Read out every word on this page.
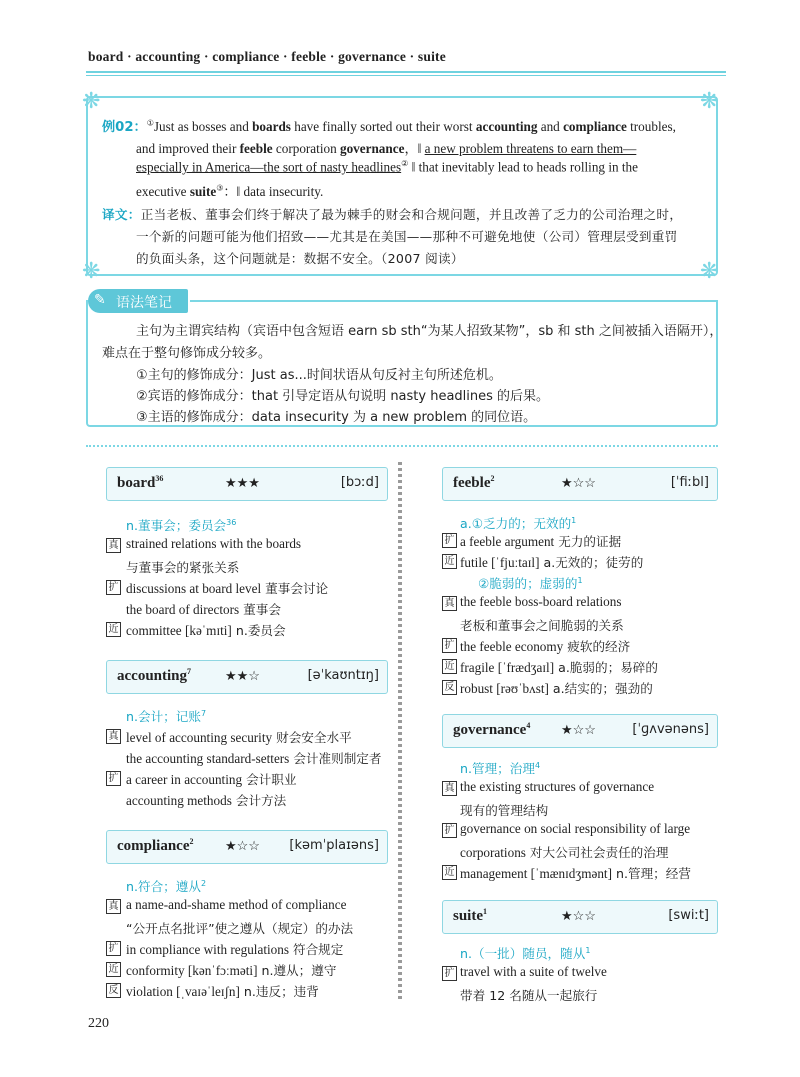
board · accounting · compliance · feeble · governance · suite
❋	❋
❋	❋
例02：①Just as bosses and boards have finally sorted out their worst accounting and compliance troubles,
and improved their feeble corporation governance，‖ a new problem threatens to earn them—
especially in America—the sort of nasty headlines② ‖ that inevitably lead to heads rolling in the
executive suite③：‖ data insecurity.
译文：正当老板、董事会们终于解决了最为棘手的财会和合规问题，并且改善了乏力的公司治理之时，
一个新的问题可能为他们招致——尤其是在美国——那种不可避免地使（公司）管理层受到重罚
的负面头条，这个问题就是：数据不安全。（2007 阅读）
✎ 语法笔记
主句为主谓宾结构（宾语中包含短语 earn sb sth“为某人招致某物”，sb 和 sth 之间被插入语隔开），
难点在于整句修饰成分较多。
①主句的修饰成分：Just as...时间状语从句反衬主句所述危机。
②宾语的修饰成分：that 引导定语从句说明 nasty headlines 的后果。
③主语的修饰成分：data insecurity 为 a new problem 的同位语。
board$^{36}$	★★★	[bɔːd]
n.董事会；委员会$^{36}$
真 strained relations with the boards
与董事会的紧张关系
扩 discussions at board level 董事会讨论
the board of directors 董事会
近 committee [kəˈmɪti] n.委员会
accounting$^7$	★★☆	[əˈkaʊntɪŋ]
n.会计；记账$^7$
真 level of accounting security 财会安全水平
the accounting standard-setters 会计准则制定者
扩 a career in accounting 会计职业
accounting methods 会计方法
compliance$^2$ ★☆☆ [kəmˈplaɪəns]
n.符合；遵从$^2$
真 a name-and-shame method of compliance
“公开点名批评”使之遵从（规定）的办法
扩 in compliance with regulations 符合规定
近 conformity [kənˈfɔːməti] n.遵从；遵守
反 violation [ˌvaɪəˈleɪʃn] n.违反；违背
feeble$^2$	★☆☆	[ˈfiːbl]
a.①乏力的；无效的$^1$
扩 a feeble argument 无力的证据
近 futile [ˈfjuːtaɪl] a.无效的；徒劳的
②脆弱的；虚弱的$^1$
真 the feeble boss-board relations
老板和董事会之间脆弱的关系
扩 the feeble economy 疲软的经济
近 fragile [ˈfrædʒaɪl] a.脆弱的；易碎的
反 robust [rəʊˈbʌst] a.结实的；强劲的
governance$^4$ ★☆☆	[ˈɡʌvənəns]
n.管理；治理$^4$
真 the existing structures of governance
现有的管理结构
扩 governance on social responsibility of large
corporations 对大公司社会责任的治理
近 management [ˈmænɪdʒmənt] n.管理；经营
suite$^1$	★☆☆	[swiːt]
n.（一批）随员，随从$^1$
扩 travel with a suite of twelve
带着 12 名随从一起旅行
220
